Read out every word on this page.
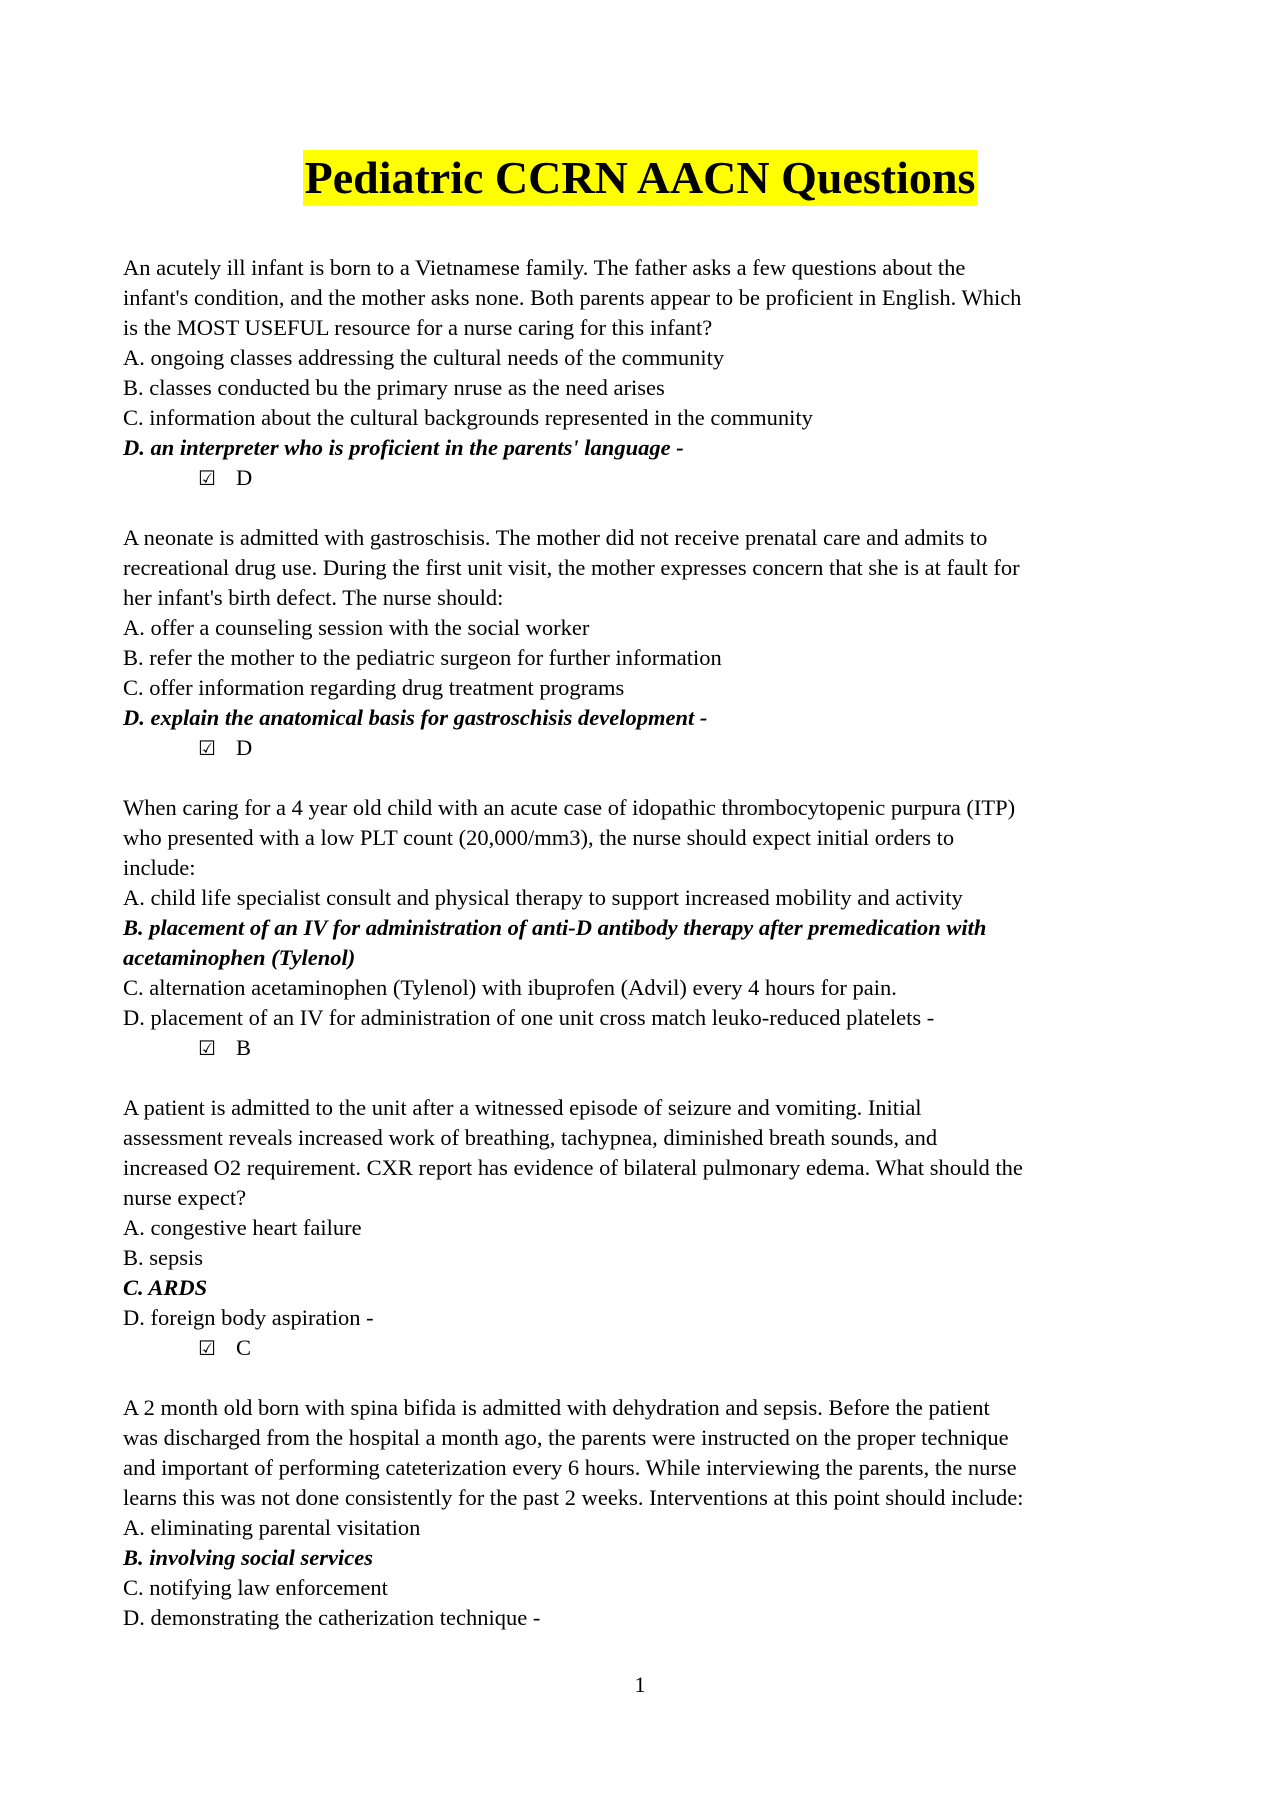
Pediatric CCRN AACN Questions
An acutely ill infant is born to a Vietnamese family. The father asks a few questions about the
infant's condition, and the mother asks none. Both parents appear to be proficient in English. Which
is the MOST USEFUL resource for a nurse caring for this infant?
A. ongoing classes addressing the cultural needs of the community
B. classes conducted bu the primary nruse as the need arises
C. information about the cultural backgrounds represented in the community
D. an interpreter who is proficient in the parents' language -
☑ D
A neonate is admitted with gastroschisis. The mother did not receive prenatal care and admits to
recreational drug use. During the first unit visit, the mother expresses concern that she is at fault for
her infant's birth defect. The nurse should:
A. offer a counseling session with the social worker
B. refer the mother to the pediatric surgeon for further information
C. offer information regarding drug treatment programs
D. explain the anatomical basis for gastroschisis development -
☑ D
When caring for a 4 year old child with an acute case of idopathic thrombocytopenic purpura (ITP)
who presented with a low PLT count (20,000/mm3), the nurse should expect initial orders to
include:
A. child life specialist consult and physical therapy to support increased mobility and activity
B. placement of an IV for administration of anti-D antibody therapy after premedication with
acetaminophen (Tylenol)
C. alternation acetaminophen (Tylenol) with ibuprofen (Advil) every 4 hours for pain.
D. placement of an IV for administration of one unit cross match leuko-reduced platelets -
☑ B
A patient is admitted to the unit after a witnessed episode of seizure and vomiting. Initial
assessment reveals increased work of breathing, tachypnea, diminished breath sounds, and
increased O2 requirement. CXR report has evidence of bilateral pulmonary edema. What should the
nurse expect?
A. congestive heart failure
B. sepsis
C. ARDS
D. foreign body aspiration -
☑ C
A 2 month old born with spina bifida is admitted with dehydration and sepsis. Before the patient
was discharged from the hospital a month ago, the parents were instructed on the proper technique
and important of performing cateterization every 6 hours. While interviewing the parents, the nurse
learns this was not done consistently for the past 2 weeks. Interventions at this point should include:
A. eliminating parental visitation
B. involving social services
C. notifying law enforcement
D. demonstrating the catherization technique -
1
